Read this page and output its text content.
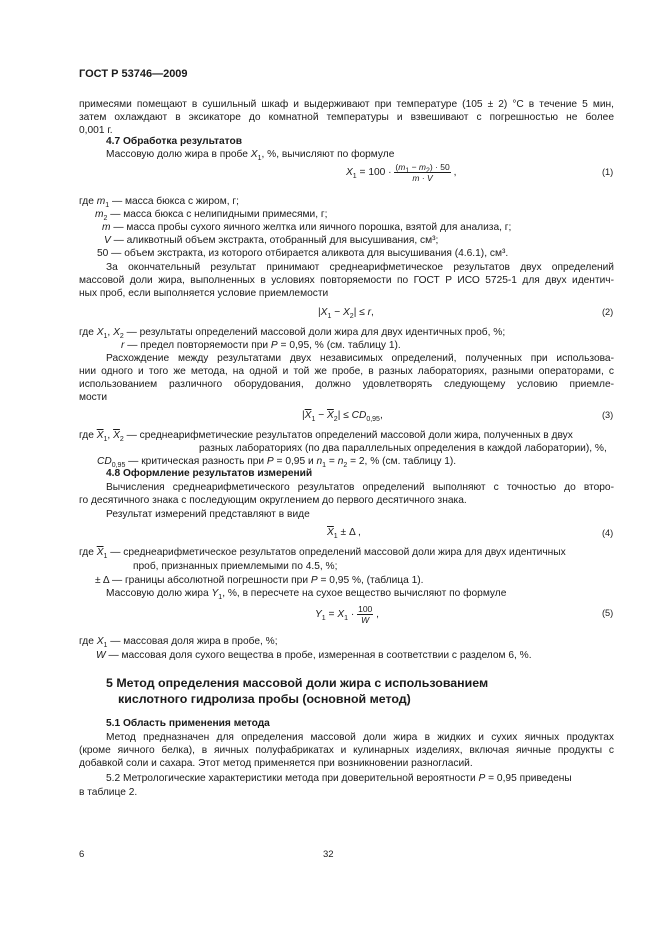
ГОСТ Р 53746—2009
примесями помещают в сушильный шкаф и выдерживают при температуре (105 ± 2) °С в течение 5 мин,
затем охлаждают в эксикаторе до комнатной температуры и взвешивают с погрешностью не более
0,001 г.
4.7 Обработка результатов
Массовую долю жира в пробе $X_1$, %, вычисляют по формуле
$X_1 = 100 \cdot \frac{(m_1 - m_2) \cdot 50}{m \cdot V}$ ,	(1)
где $m_1$ — масса бюкса с жиром, г;
$m_2$ — масса бюкса с нелипидными примесями, г;
m — масса пробы сухого яичного желтка или яичного порошка, взятой для анализа, г;
V — аликвотный объем экстракта, отобранный для высушивания, см³;
50 — объем экстракта, из которого отбирается аликвота для высушивания (4.6.1), см³.
За окончательный результат принимают среднеарифметическое результатов двух определений
массовой доли жира, выполненных в условиях повторяемости по ГОСТ Р ИСО 5725-1 для двух идентич-
ных проб, если выполняется условие приемлемости
$|X_1 - X_2| \le r$,	(2)
где $X_1$, $X_2$ — результаты определений массовой доли жира для двух идентичных проб, %;
r — предел повторяемости при P = 0,95, % (см. таблицу 1).
Расхождение между результатами двух независимых определений, полученных при использова-
нии одного и того же метода, на одной и той же пробе, в разных лабораториях, разными операторами, с
использованием различного оборудования, должно удовлетворять следующему условию приемле-
мости
$|\overline{X}_1 - \overline{X}_2| \le CD_{0,95}$,	(3)
где $\overline{X}_1$, $\overline{X}_2$ — среднеарифметические результатов определений массовой доли жира, полученных в двух
разных лабораториях (по два параллельных определения в каждой лаборатории), %,
$CD_{0,95}$ — критическая разность при P = 0,95 и $n_1 = n_2 = 2$, % (см. таблицу 1).
4.8 Оформление результатов измерений
Вычисления среднеарифметического результатов определений выполняют с точностью до второ-
го десятичного знака с последующим округлением до первого десятичного знака.
Результат измерений представляют в виде
$\overline{X}_1 \pm \Delta$ ,	(4)
где $\overline{X}_1$ — среднеарифметическое результатов определений массовой доли жира для двух идентичных
проб, признанных приемлемыми по 4.5, %;
± Δ — границы абсолютной погрешности при P = 0,95 %, (таблица 1).
Массовую долю жира $Y_1$, %, в пересчете на сухое вещество вычисляют по формуле
$Y_1 = X_1 \cdot \frac{100}{W}$ ,	(5)
где $X_1$ — массовая доля жира в пробе, %;
W — массовая доля сухого вещества в пробе, измеренная в соответствии с разделом 6, %.
5 Метод определения массовой доли жира с использованием
кислотного гидролиза пробы (основной метод)
5.1 Область применения метода
Метод предназначен для определения массовой доли жира в жидких и сухих яичных продуктах
(кроме яичного белка), в яичных полуфабрикатах и кулинарных изделиях, включая яичные продукты с
добавкой соли и сахара. Этот метод применяется при возникновении разногласий.
5.2 Метрологические характеристики метода при доверительной вероятности P = 0,95 приведены
в таблице 2.
6	32
